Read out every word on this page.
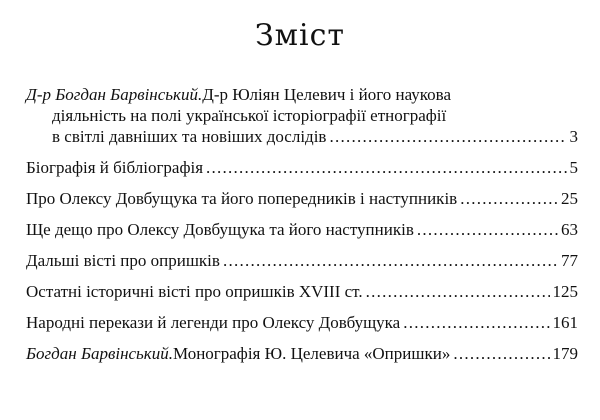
Зміст
Д-р Богдан Барвінський. Д-р Юліян Целевич і його наукова
діяльність на полі української історіографії етнографії
в світлі давніших та новіших дослідів . . .	3
Біографія й бібліографія . . .	5
Про Олексу Довбущука та його попередників і наступників . . .	25
Ще дещо про Олексу Довбущука та його наступників . . .	63
Дальші вісті про опришків . . .	77
Остатні історичні вісті про опришків XVIII ст. . . .	125
Народні перекази й легенди про Олексу Довбущука . . .	161
Богдан Барвінський. Монографія Ю. Целевича «Опришки» . . .	179
